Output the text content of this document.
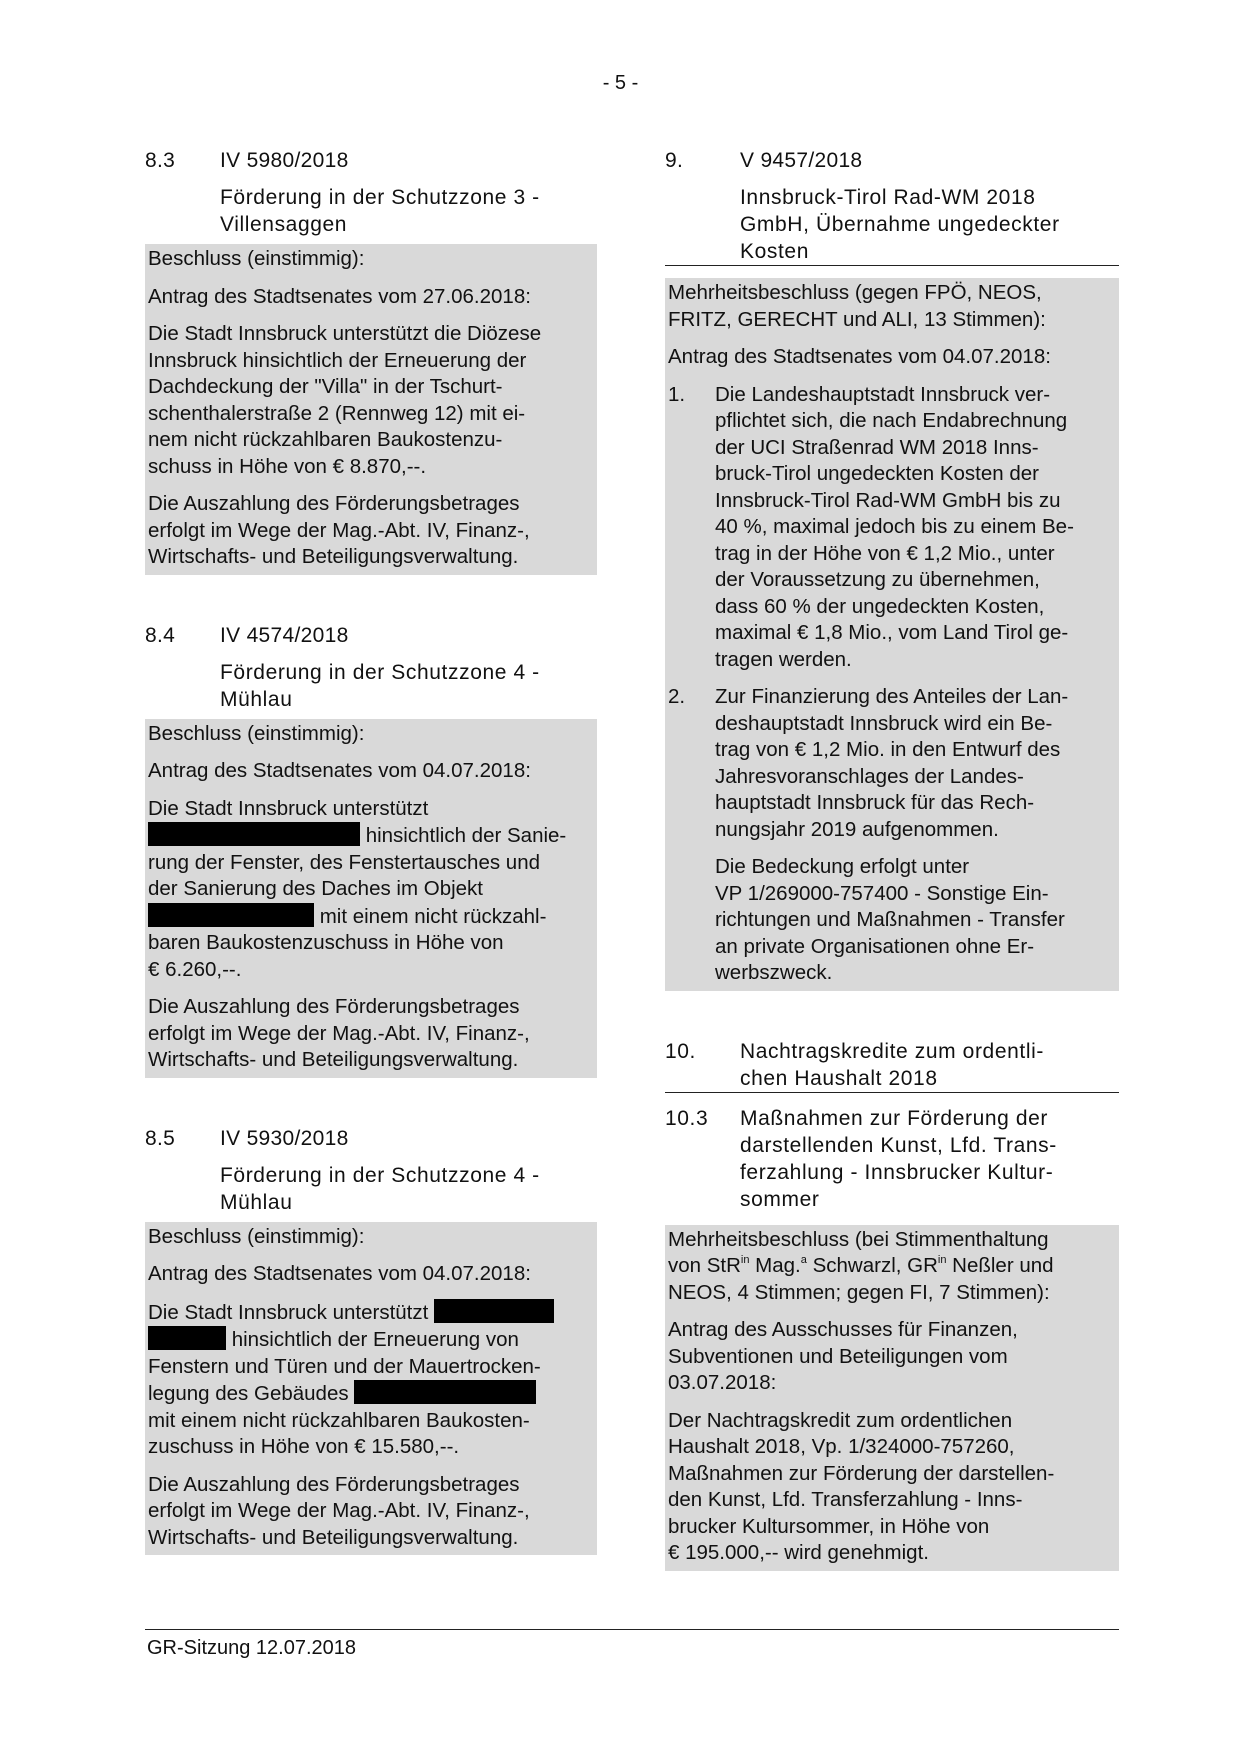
- 5 -
8.3	IV 5980/2018
Förderung in der Schutzzone 3 -
Villensaggen

Beschluss (einstimmig):

Antrag des Stadtsenates vom 27.06.2018:

Die Stadt Innsbruck unterstützt die Diözese
Innsbruck hinsichtlich der Erneuerung der
Dachdeckung der "Villa" in der Tschurt-
schenthalerstraße 2 (Rennweg 12) mit ei-
nem nicht rückzahlbaren Baukostenzu-
schuss in Höhe von € 8.870,--.

Die Auszahlung des Förderungsbetrages
erfolgt im Wege der Mag.-Abt. IV, Finanz-,
Wirtschafts- und Beteiligungsverwaltung.

8.4	IV 4574/2018
Förderung in der Schutzzone 4 -
Mühlau

Beschluss (einstimmig):

Antrag des Stadtsenates vom 04.07.2018:

Die Stadt Innsbruck unterstützt
hinsichtlich der Sanie-
rung der Fenster, des Fenstertausches und
der Sanierung des Daches im Objekt
mit einem nicht rückzahl-
baren Baukostenzuschuss in Höhe von
€ 6.260,--.

Die Auszahlung des Förderungsbetrages
erfolgt im Wege der Mag.-Abt. IV, Finanz-,
Wirtschafts- und Beteiligungsverwaltung.

8.5	IV 5930/2018
Förderung in der Schutzzone 4 -
Mühlau

Beschluss (einstimmig):

Antrag des Stadtsenates vom 04.07.2018:

Die Stadt Innsbruck unterstützt
hinsichtlich der Erneuerung von
Fenstern und Türen und der Mauertrocken-
legung des Gebäudes
mit einem nicht rückzahlbaren Baukosten-
zuschuss in Höhe von € 15.580,--.

Die Auszahlung des Förderungsbetrages
erfolgt im Wege der Mag.-Abt. IV, Finanz-,
Wirtschafts- und Beteiligungsverwaltung.

9.	V 9457/2018
Innsbruck-Tirol Rad-WM 2018
GmbH, Übernahme ungedeckter
Kosten

Mehrheitsbeschluss (gegen FPÖ, NEOS,
FRITZ, GERECHT und ALI, 13 Stimmen):

Antrag des Stadtsenates vom 04.07.2018:

1.	Die Landeshauptstadt Innsbruck ver-
pflichtet sich, die nach Endabrechnung
der UCI Straßenrad WM 2018 Inns-
bruck-Tirol ungedeckten Kosten der
Innsbruck-Tirol Rad-WM GmbH bis zu
40 %, maximal jedoch bis zu einem Be-
trag in der Höhe von € 1,2 Mio., unter
der Voraussetzung zu übernehmen,
dass 60 % der ungedeckten Kosten,
maximal € 1,8 Mio., vom Land Tirol ge-
tragen werden.
2.	Zur Finanzierung des Anteiles der Lan-
deshauptstadt Innsbruck wird ein Be-
trag von € 1,2 Mio. in den Entwurf des
Jahresvoranschlages der Landes-
hauptstadt Innsbruck für das Rech-
nungsjahr 2019 aufgenommen.

Die Bedeckung erfolgt unter
VP 1/269000-757400 - Sonstige Ein-
richtungen und Maßnahmen - Transfer
an private Organisationen ohne Er-
werbszweck.

10.	Nachtragskredite zum ordentli-
chen Haushalt 2018
10.3	Maßnahmen zur Förderung der
darstellenden Kunst, Lfd. Trans-
ferzahlung - Innsbrucker Kultur-
sommer

Mehrheitsbeschluss (bei Stimmenthaltung
von StR$^{in}$ Mag.$^a$ Schwarzl, $GR^{in}$ Neßler und
NEOS, 4 Stimmen; gegen FI, 7 Stimmen):

Antrag des Ausschusses für Finanzen,
Subventionen und Beteiligungen vom
03.07.2018:

Der Nachtragskredit zum ordentlichen
Haushalt 2018, Vp. 1/324000-757260,
Maßnahmen zur Förderung der darstellen-
den Kunst, Lfd. Transferzahlung - Inns-
brucker Kultursommer, in Höhe von
€ 195.000,-- wird genehmigt.

GR-Sitzung 12.07.2018
